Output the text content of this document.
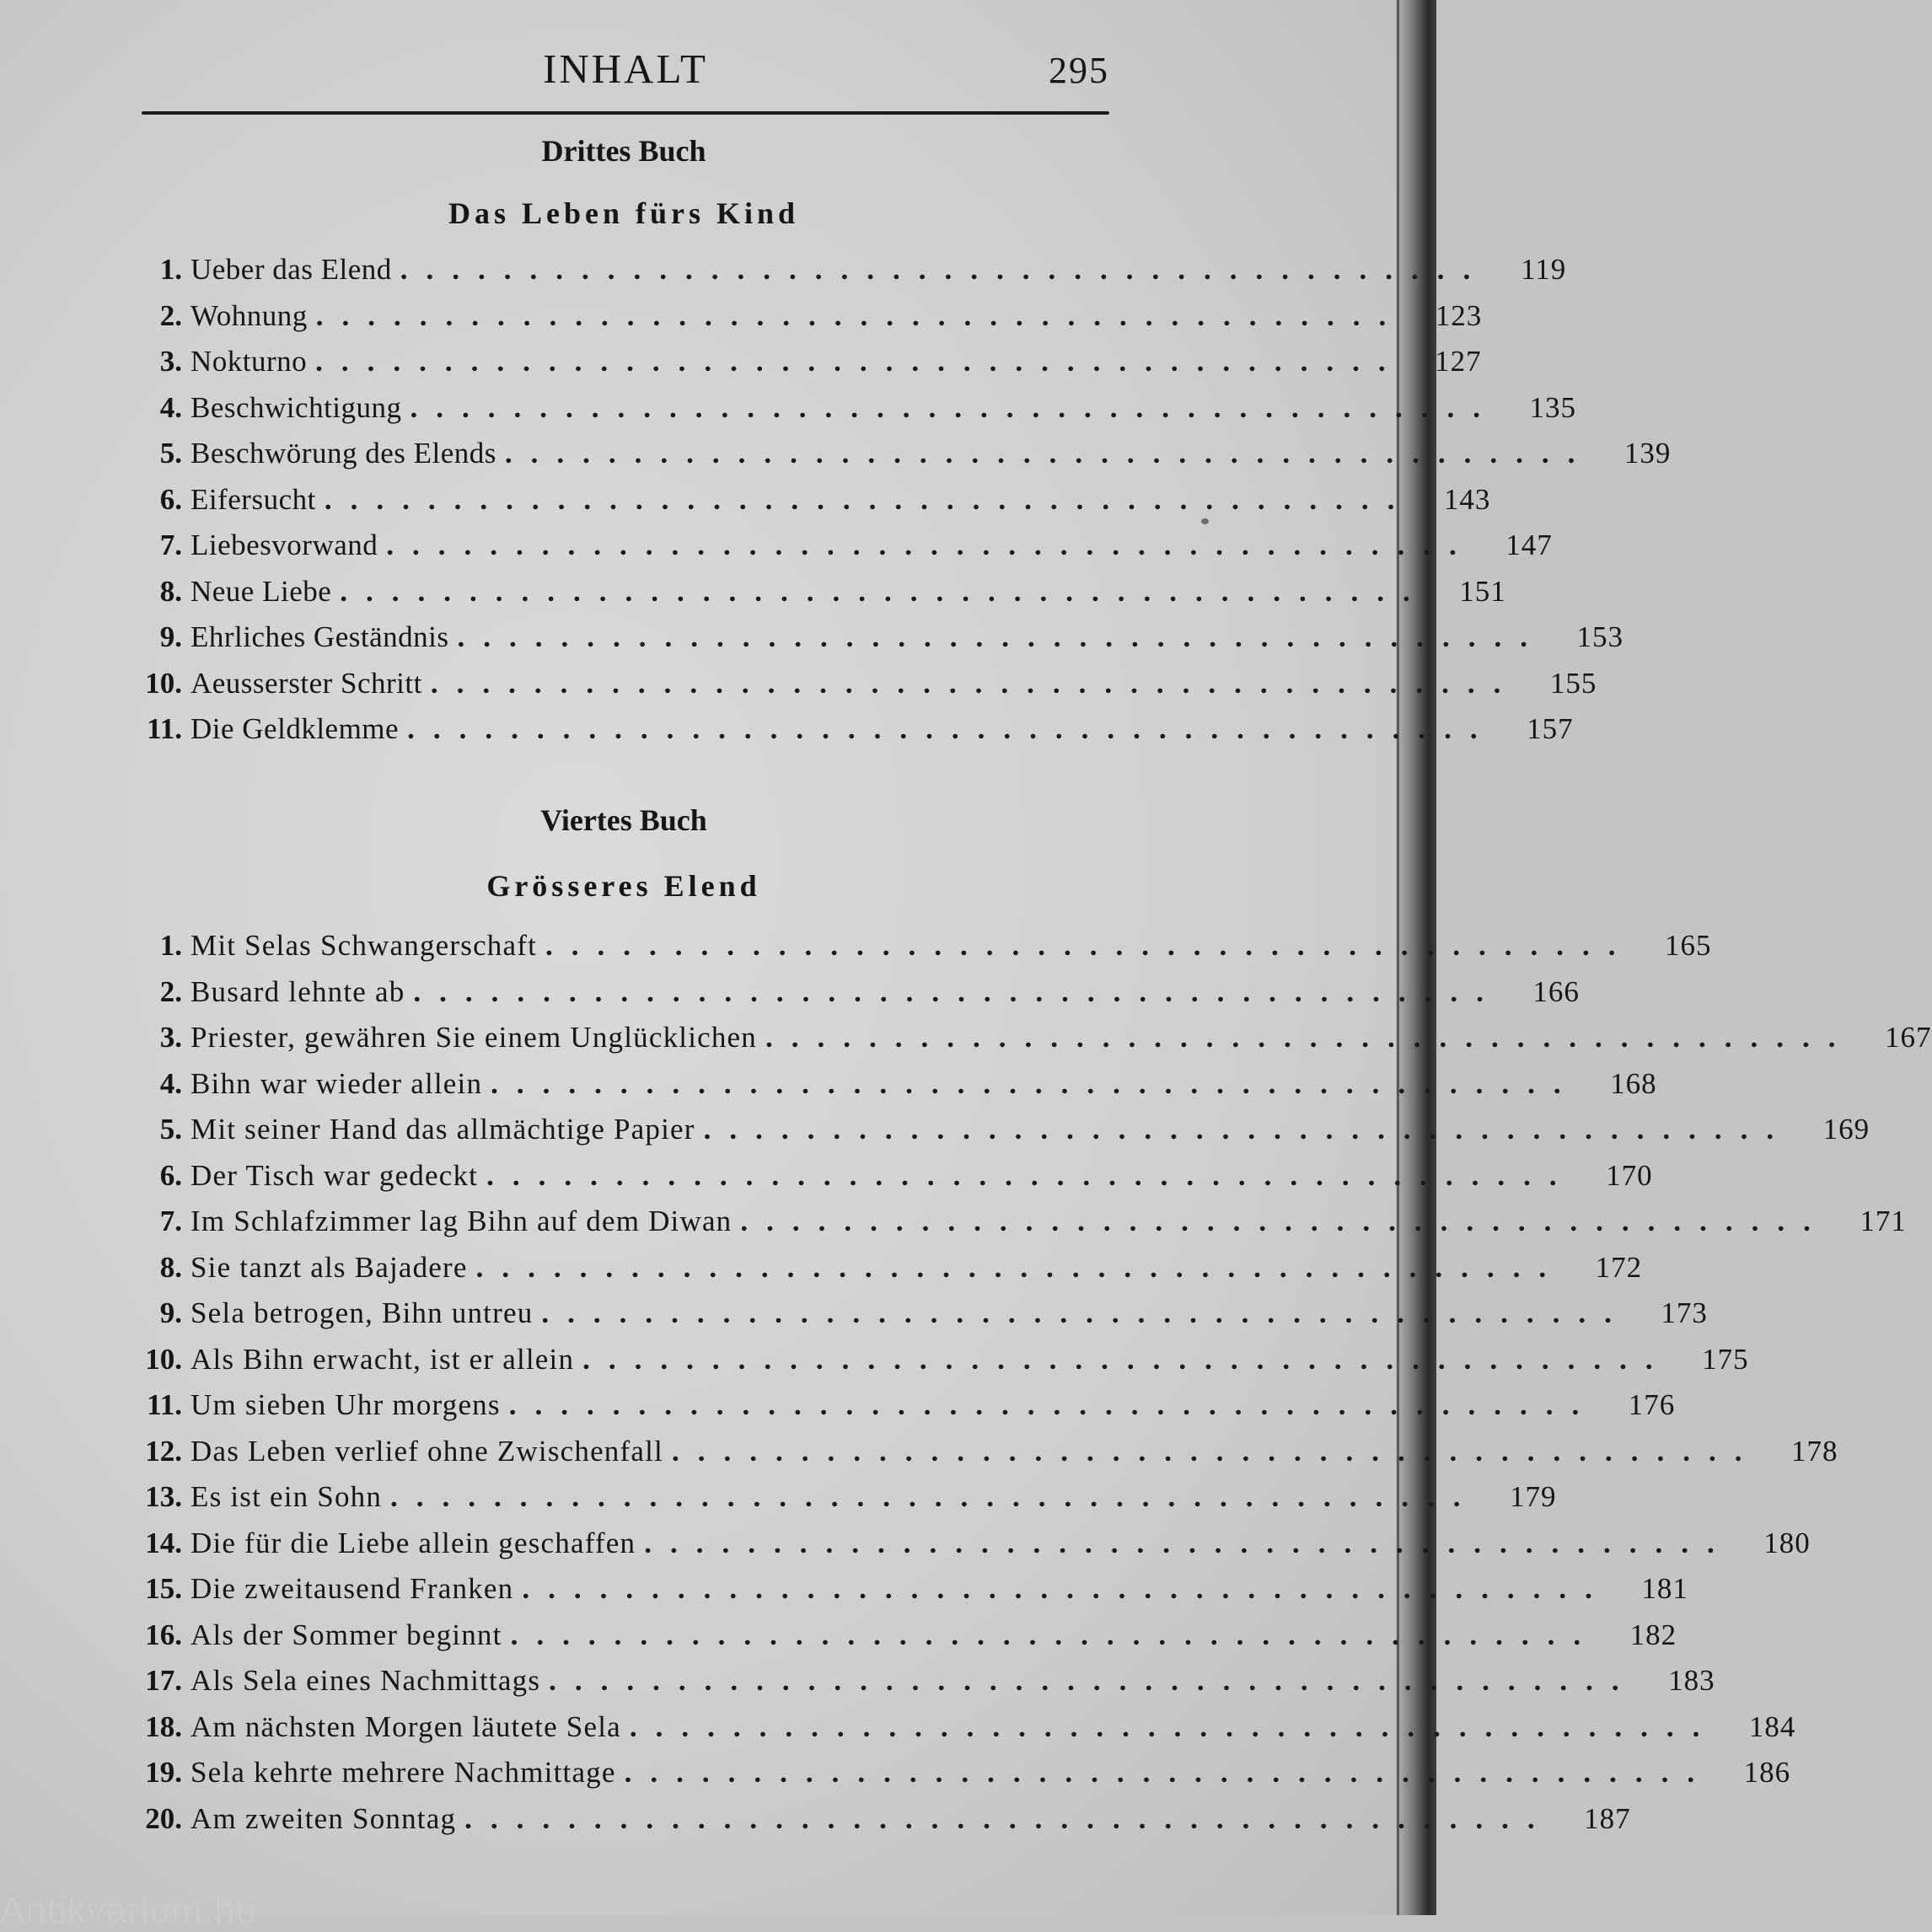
INHALT	295
Drittes Buch
Das Leben fürs Kind
1. Ueber das Elend ..........................................	119
2. Wohnung ..........................................	123
3. Nokturno ..........................................	127
4. Beschwichtigung ..........................................	135
5. Beschwörung des Elends ..........................................	139
6. Eifersucht ..........................................	143
7. Liebesvorwand ..........................................	147
8. Neue Liebe ..........................................	151
9. Ehrliches Geständnis ..........................................	153
10. Aeusserster Schritt ..........................................	155
11. Die Geldklemme ..........................................	157
Viertes Buch
Grösseres Elend
1. Mit Selas Schwangerschaft ..........................................	165
2. Busard lehnte ab ..........................................	166
3. Priester, gewähren Sie einem Unglücklichen ..........................................	167
4. Bihn war wieder allein ..........................................	168
5. Mit seiner Hand das allmächtige Papier ..........................................	169
6. Der Tisch war gedeckt ..........................................	170
7. Im Schlafzimmer lag Bihn auf dem Diwan ..........................................	171
8. Sie tanzt als Bajadere ..........................................	172
9. Sela betrogen, Bihn untreu ..........................................	173
10. Als Bihn erwacht, ist er allein ..........................................	175
11. Um sieben Uhr morgens ..........................................	176
12. Das Leben verlief ohne Zwischenfall ..........................................	178
13. Es ist ein Sohn ..........................................	179
14. Die für die Liebe allein geschaffen ..........................................	180
15. Die zweitausend Franken ..........................................	181
16. Als der Sommer beginnt ..........................................	182
17. Als Sela eines Nachmittags ..........................................	183
18. Am nächsten Morgen läutete Sela ..........................................	184
19. Sela kehrte mehrere Nachmittage ..........................................	186
20. Am zweiten Sonntag ..........................................	187
Antikvarium.hu
